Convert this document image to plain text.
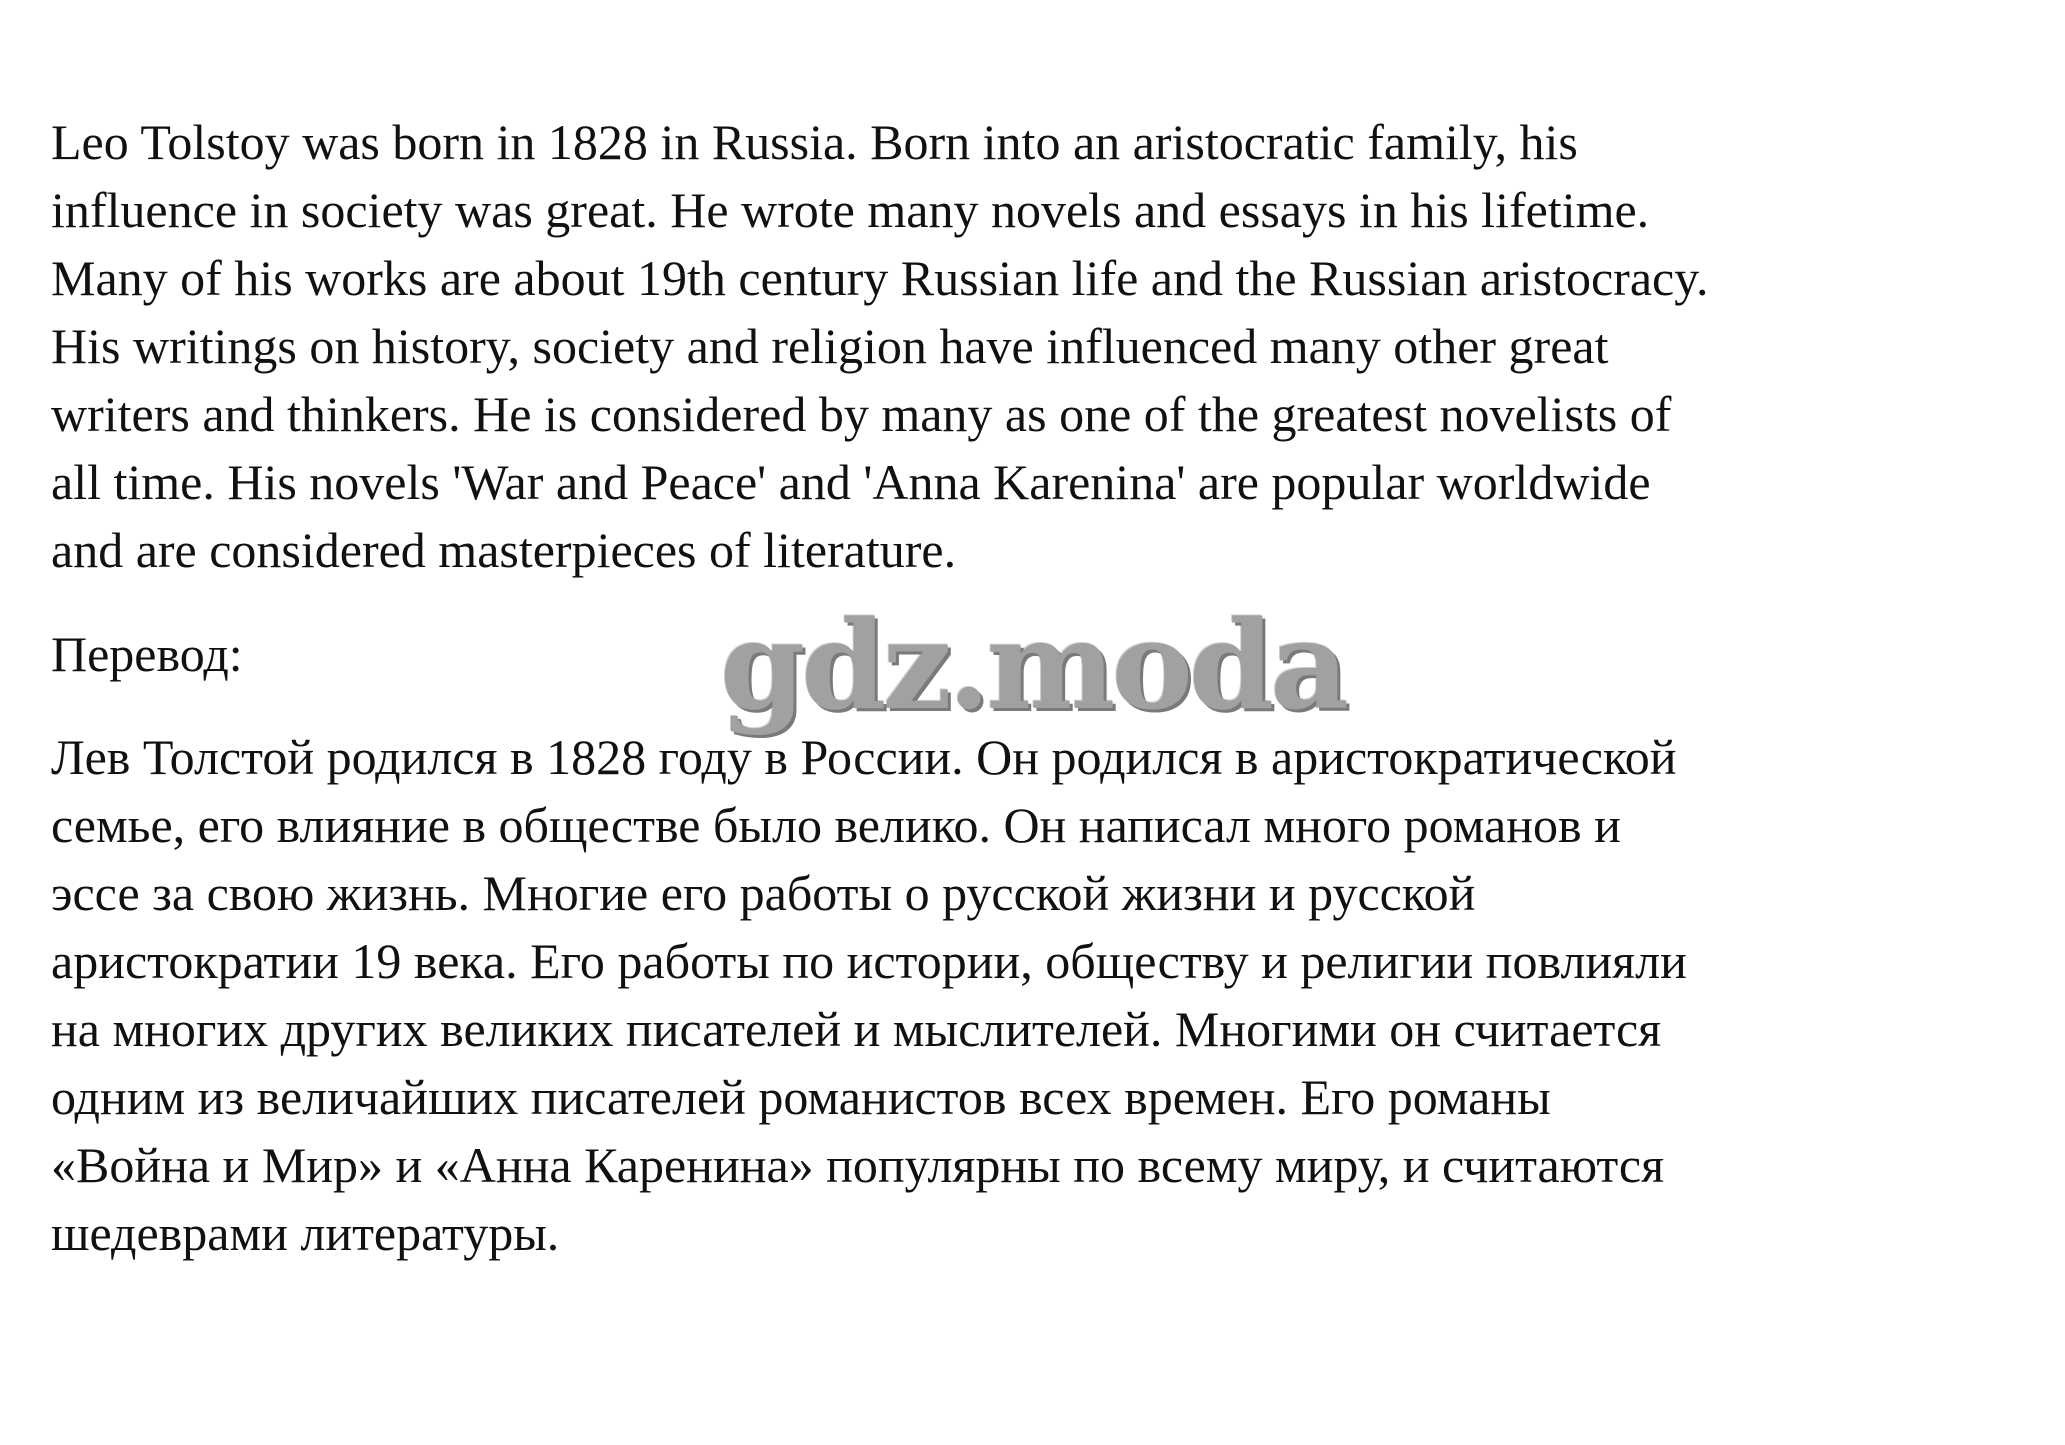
Leo Tolstoy was born in 1828 in Russia. Born into an aristocratic family, his
influence in society was great. He wrote many novels and essays in his lifetime.
Many of his works are about 19th century Russian life and the Russian aristocracy.
His writings on history, society and religion have influenced many other great
writers and thinkers. He is considered by many as one of the greatest novelists of
all time. His novels 'War and Peace' and 'Anna Karenina' are popular worldwide
and are considered masterpieces of literature.

Перевод:	gdz.moda

Лев Толстой родился в 1828 году в России. Он родился в аристократической
семье, его влияние в обществе было велико. Он написал много романов и
эссе за свою жизнь. Многие его работы о русской жизни и русской
аристократии 19 века. Его работы по истории, обществу и религии повлияли
на многих других великих писателей и мыслителей. Многими он считается
одним из величайших писателей романистов всех времен. Его романы
«Война и Мир» и «Анна Каренина» популярны по всему миру, и считаются
шедеврами литературы.
